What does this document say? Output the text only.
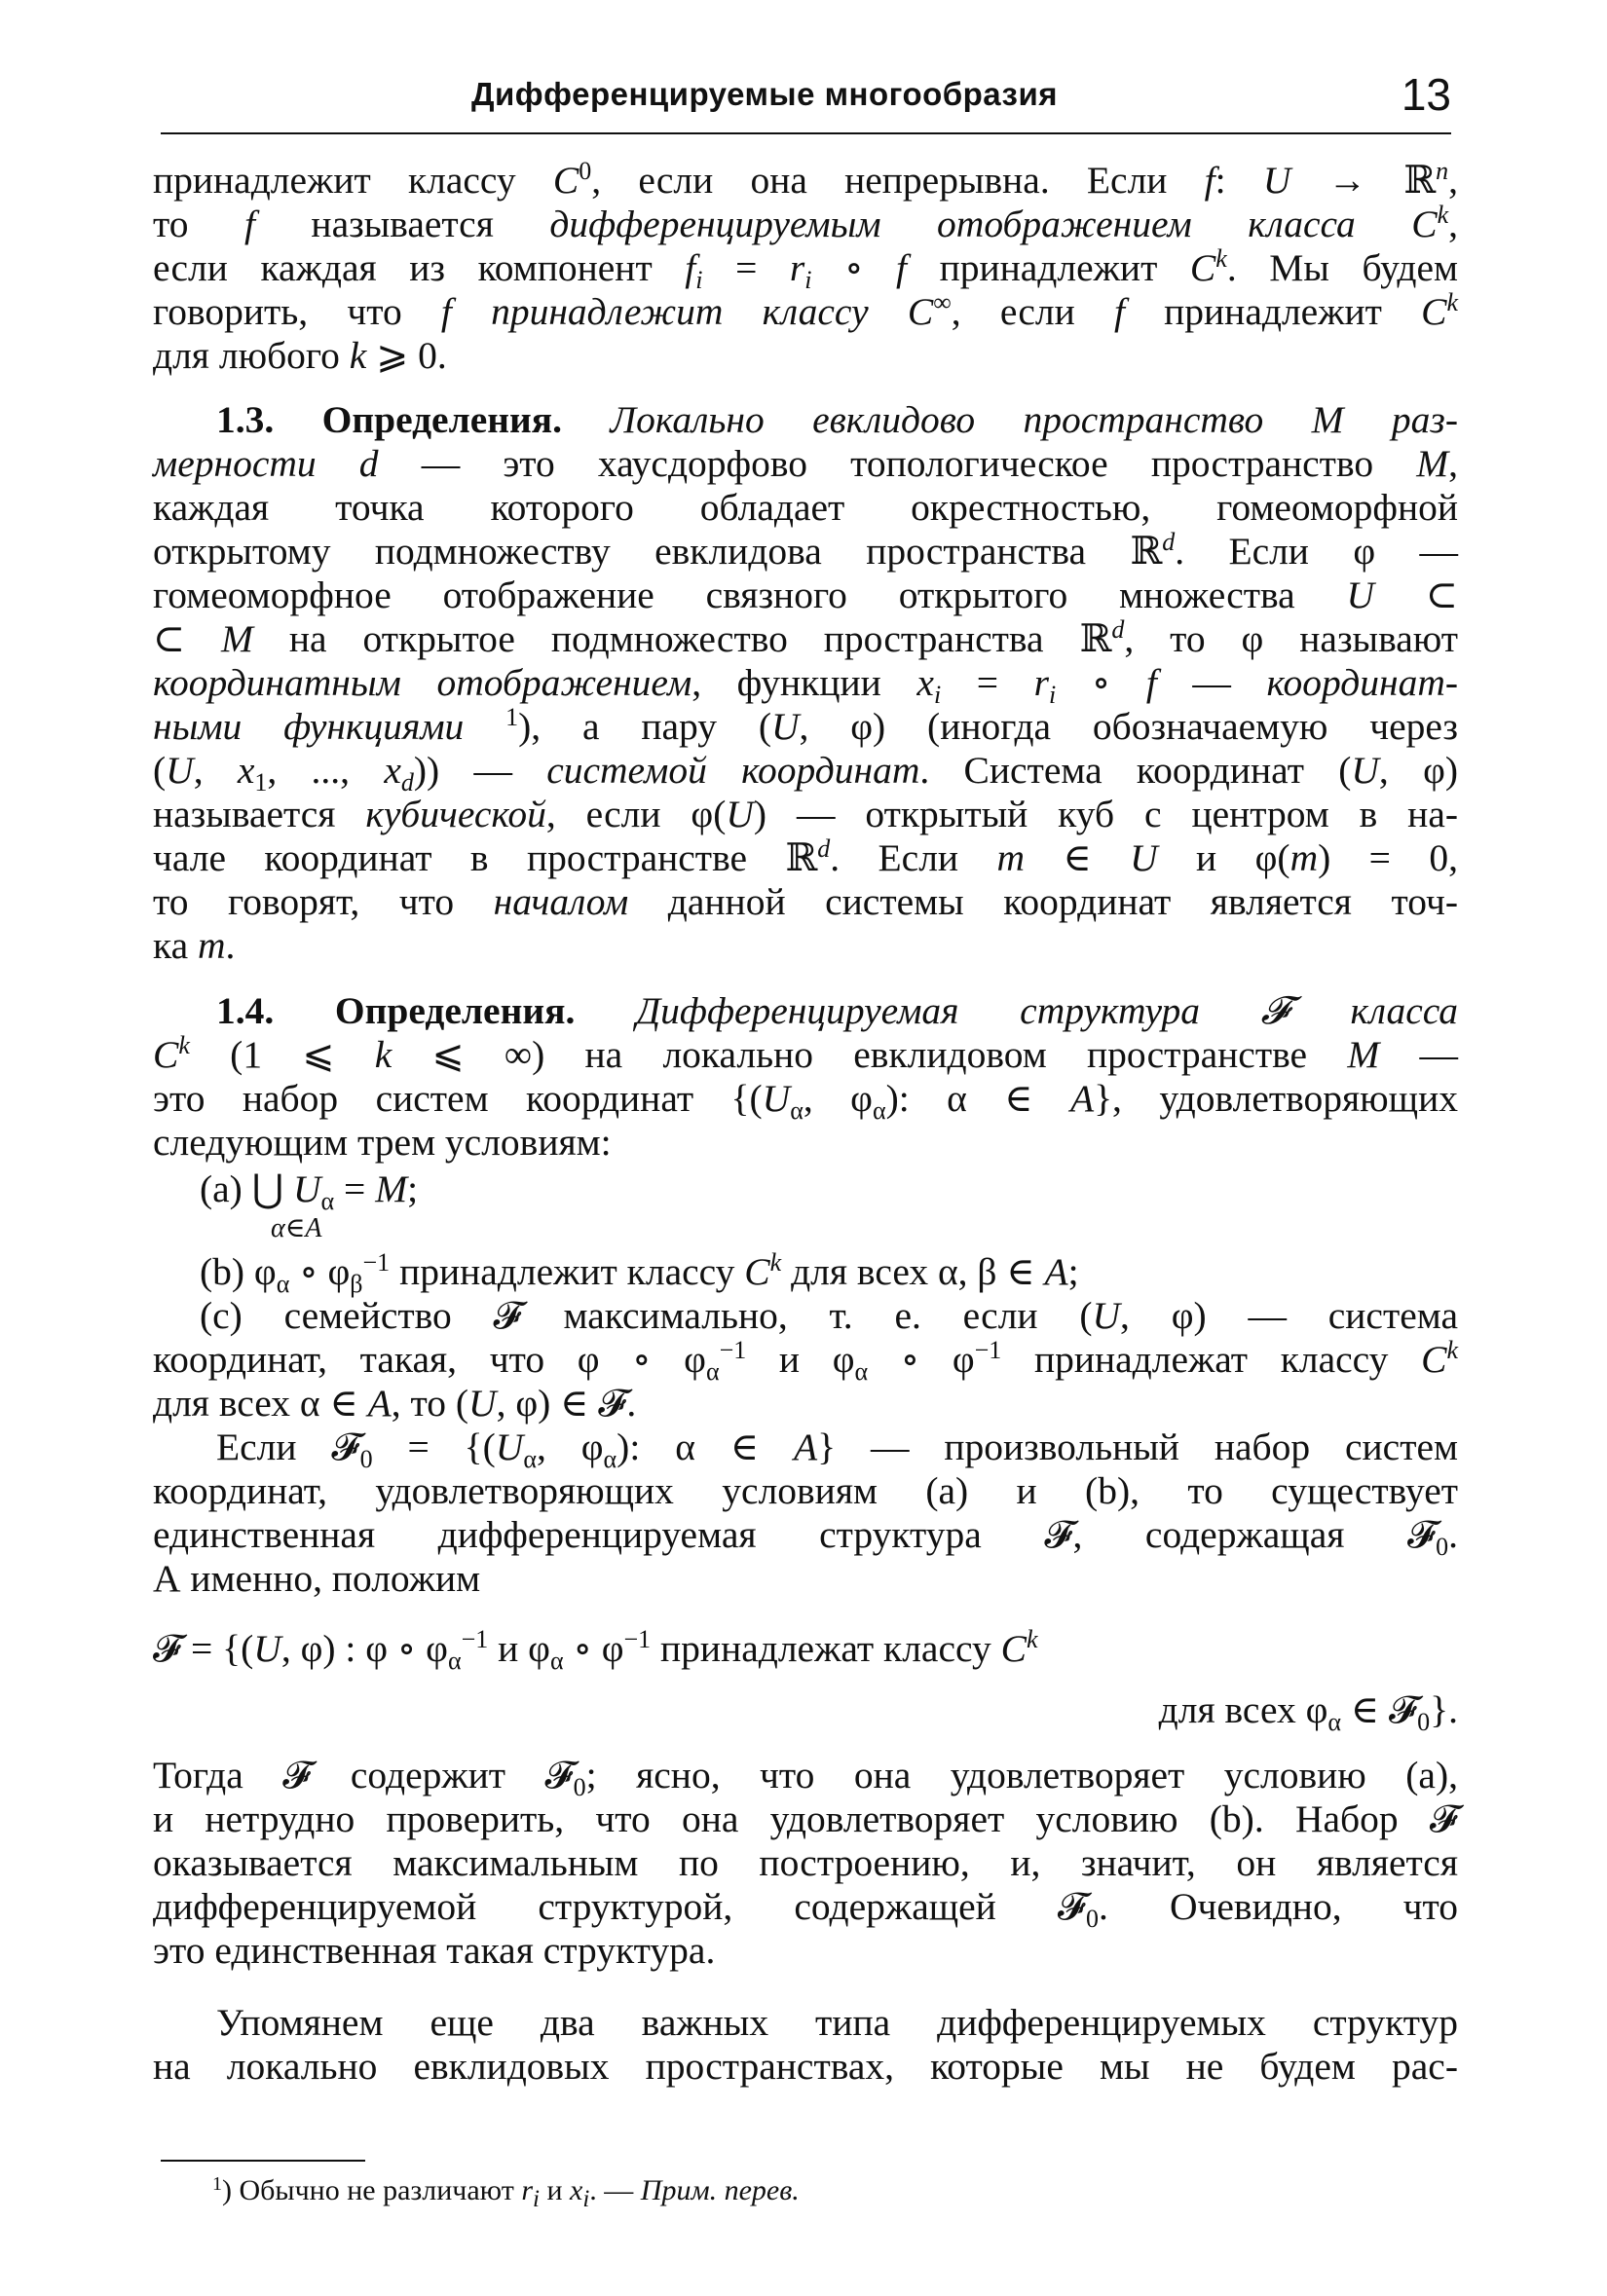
Дифференцируемые многообразия	13
принадлежит классу $C^0$, если она непрерывна. Если f: U → ℝ$^n$,
то f называется дифференцируемым отображением класса $C^k$,
если каждая из компонент $f_i = r_i$ ∘ f принадлежит $C^k$. Мы будем
говорить, что f принадлежит классу C∞, если f принадлежит $C^k$
для любого k ⩾ 0.
1.3. Определения. Локально евклидово пространство M раз-
мерности d — это хаусдорфово топологическое пространство M,
каждая точка которого обладает окрестностью, гомеоморфной
открытому подмножеству евклидова пространства ℝ$^d$. Если φ —
гомеоморфное отображение связного открытого множества U ⊂
⊂ M на открытое подмножество пространства ℝ$^d$, то φ называют
координатным отображением, функции $x_i = r_i$ ∘ f — координат-
ными функциями $^1$), а пару (U, φ) (иногда обозначаемую через
(U, $x_1$, ..., $x_d$)) — системой координат. Система координат (U, φ)
называется кубической, если φ(U) — открытый куб с центром в на-
чале координат в пространстве ℝ$^d$. Если m ∈ U и φ(m) = 0,
то говорят, что началом данной системы координат является точ-
ка m.
1.4. Определения. Дифференцируемая структура 𝓕 класса
$C^k$ (1 ⩽ k ⩽ ∞) на локально евклидовом пространстве M —
это набор систем координат {($U_\alpha$, $\varphi_\alpha$): α ∈ A}, удовлетворяющих
следующим трем условиям:
(a) ⋃ $U_\alpha = M$;
α∈A
(b) $\varphi_\alpha$ ∘ $\varphi_\beta^{-1}$ принадлежит классу $C^k$ для всех α, β ∈ A;
(c) семейство 𝓕 максимально, т. е. если (U, φ) — система
координат, такая, что φ ∘ $\varphi_\alpha^{-1}$ и $\varphi_\alpha$ ∘ $\varphi^{-1}$ принадлежат классу $C^k$
для всех α ∈ A, то (U, φ) ∈ 𝓕.
Если 𝓕$_0$ = {($U_\alpha$, $\varphi_\alpha$): α ∈ A} — произвольный набор систем
координат, удовлетворяющих условиям (a) и (b), то существует
единственная дифференцируемая структура 𝓕, содержащая 𝓕$_0$.
А именно, положим
𝓕 = {(U, φ) : φ ∘ $\varphi_\alpha^{-1}$ и $\varphi_\alpha$ ∘ $\varphi^{-1}$ принадлежат классу $C^k$
для всех $\varphi_\alpha$ ∈ 𝓕$_0$}.
Тогда 𝓕 содержит 𝓕$_0$; ясно, что она удовлетворяет условию (a),
и нетрудно проверить, что она удовлетворяет условию (b). Набор 𝓕
оказывается максимальным по построению, и, значит, он является
дифференцируемой структурой, содержащей 𝓕$_0$. Очевидно, что
это единственная такая структура.
Упомянем еще два важных типа дифференцируемых структур
на локально евклидовых пространствах, которые мы не будем рас-
$^1$) Обычно не различают $r_i$ и $x_i$. — Прим. перев.
